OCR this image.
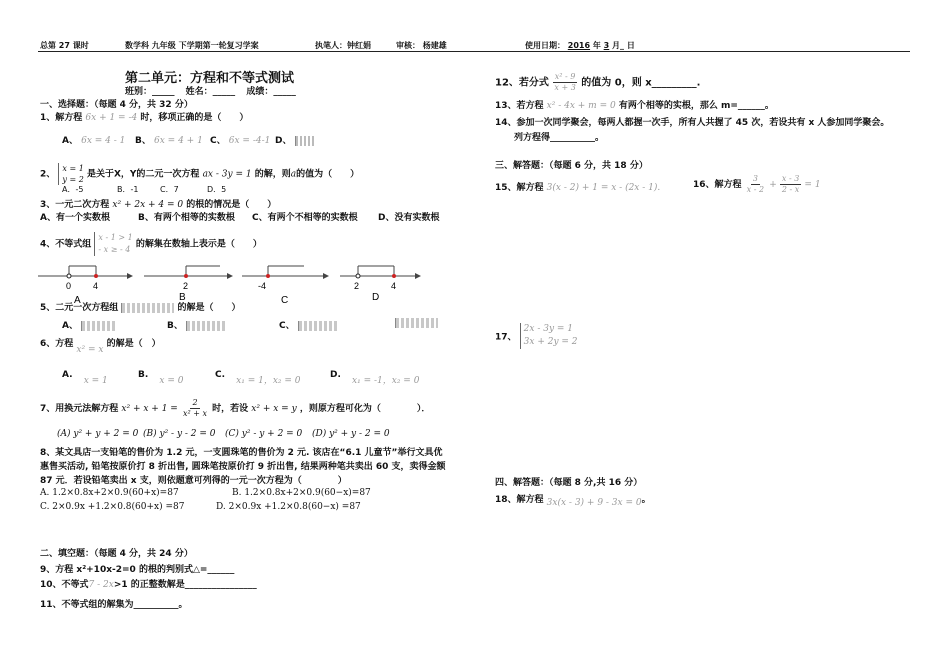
总第 27 课时	数学科 九年级 下学期第一轮复习学案	执笔人：钟红娟	审核： 杨建雄	使用日期： 2016 年 3 月_ 日
第二单元：方程和不等式测试
班别：_____ 姓名：_____ 成绩：_____
一、选择题：（每题 4 分，共 32 分）
1、解方程 6x + 1 = -4 时，移项正确的是（　　）
A、 6x = 4 - 1 B、 6x = 4 + 1 C、 6x = -4-1 D、
2、 x = 1
y = 2 是关于X，Y的二元一次方程 ax - 3y = 1 的解，则a的值为（　　）
A．-5	B．-1	C．7	D．5
3、一元二次方程 x² + 2x + 4 = 0 的根的情况是（　　）
A、有一个实数根	B、有两个相等的实数根 C、有两个不相等的实数根 D、没有实数根
4、不等式组 x - 1 > 1
- x ≥ - 4 的解集在数轴上表示是（　　）
0 4
A
2
B
-4
C
2	4
D
5、二元一次方程组	的解是（　　）
A、	B、	C、
6、方程 x² = x 的解是（　）
A. x = 1
B. x = 0
C. x₁ = 1，x₂ = 0
D. x₁ = -1，x₂ = 0
7、用换元法解方程 $x^2 + x + 1 = \frac{2}{\text{x² + x}}$ 时，若设 x² + x = y ，则原方程可化为（　　　　）．
(A) y² + y + 2 = 0 (B) y² - y - 2 = 0 (C) y² - y + 2 = 0 (D) y² + y - 2 = 0
8、某文具店一支铅笔的售价为 1.2 元，一支圆珠笔的售价为 2 元. 该店在“6.1 儿童节”举行文具优
惠售买活动, 铅笔按原价打 8 折出售, 圆珠笔按原价打 9 折出售, 结果两种笔共卖出 60 支，卖得金额
87 元．若设铅笔卖出 x 支，则依题意可列得的一元一次方程为（　　　　）
A. 1.2×0.8x+2×0.9(60+x)=87	B. 1.2×0.8x+2×0.9(60−x)=87
C. 2×0.9x +1.2×0.8(60+x) =87	D. 2×0.9x +1.2×0.8(60−x) =87
二、填空题：（每题 4 分，共 24 分）
9、方程 x²+10x-2=0 的根的判别式△=______
10、不等式7 - 2x>1 的正整数解是________________
11、不等式组的解集为__________。
12、若分式 $\frac{\text{x² - 9}}{x + 3}$ 的值为 0，则 x_________.
13、若方程 x² - 4x + m = 0 有两个相等的实根，那么 m=______。
14、参加一次同学聚会，每两人都握一次手，所有人共握了 45 次，若设共有 x 人参加同学聚会。
列方程得__________。
三、解答题：（每题 6 分，共 18 分）
15、解方程 3(x - 2) + 1 = x - (2x - 1).	16、解方程 $\frac{3}{x - 2} + \frac{x - 3}{2 - x} = 1$
17、 2x - 3y = 1
3x + 2y = 2
四、解答题：（每题 8 分,共 16 分）
18、解方程 3x(x - 3) + 9 - 3x = 0。
